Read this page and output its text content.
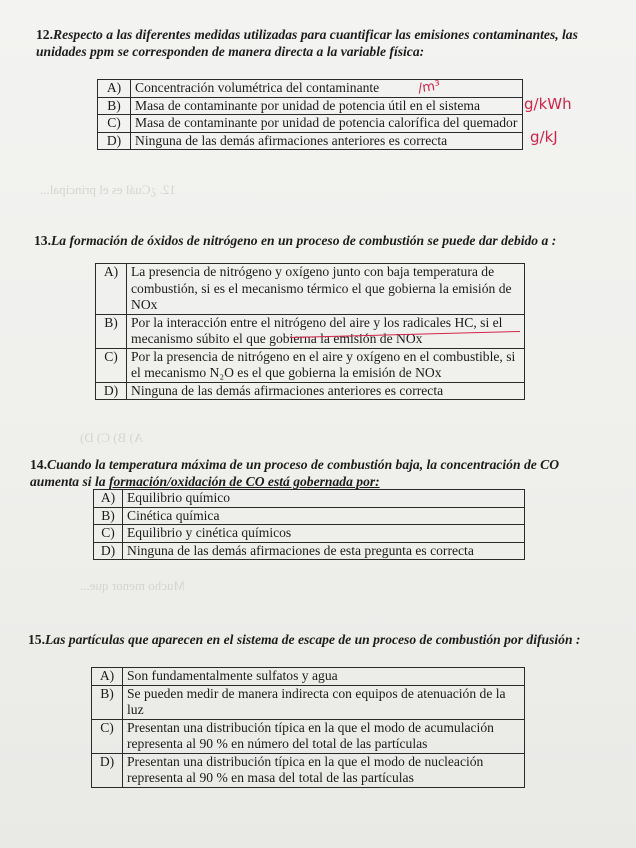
12. ¿Cuál es el principal...
A) B) C) D)
Mucho menor que...
12.Respecto a las diferentes medidas utilizadas para cuantificar las emisiones contaminantes, las unidades ppm se corresponden de manera directa a la variable física:
A)	Concentración volumétrica del contaminante
B)	Masa de contaminante por unidad de potencia útil en el sistema
C)	Masa de contaminante por unidad de potencia calorífica del quemador
D)	Ninguna de las demás afirmaciones anteriores es correcta
/m³
g/kWh
g/kJ
13.La formación de óxidos de nitrógeno en un proceso de combustión se puede dar debido a :
A)	La presencia de nitrógeno y oxígeno junto con baja temperatura de combustión, si es el mecanismo térmico el que gobierna la emisión de NOx
B)	Por la interacción entre el nitrógeno del aire y los radicales HC, si el mecanismo súbito el que gobierna la emisión de NOx
C)	Por la presencia de nitrógeno en el aire y oxígeno en el combustible, si el mecanismo N₂O es el que gobierna la emisión de NOx
D)	Ninguna de las demás afirmaciones anteriores es correcta
14.Cuando la temperatura máxima de un proceso de combustión baja, la concentración de CO aumenta si la formación/oxidación de CO está gobernada por:
A)	Equilibrio químico
B)	Cinética química
C)	Equilibrio y cinética químicos
D)	Ninguna de las demás afirmaciones de esta pregunta es correcta
15.Las partículas que aparecen en el sistema de escape de un proceso de combustión por difusión :
A)	Son fundamentalmente sulfatos y agua
B)	Se pueden medir de manera indirecta con equipos de atenuación de la luz
C)	Presentan una distribución típica en la que el modo de acumulación representa al 90 % en número del total de las partículas
D)	Presentan una distribución típica en la que el modo de nucleación representa al 90 % en masa del total de las partículas
